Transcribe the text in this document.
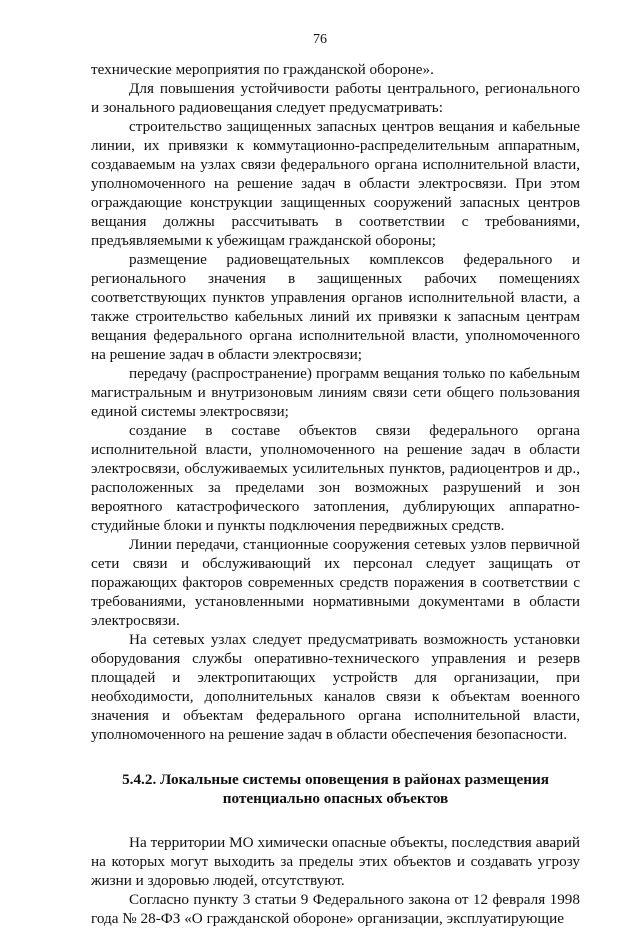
76

технические мероприятия по гражданской обороне».

Для повышения устойчивости работы центрального, регионального и зонального радиовещания следует предусматривать:

строительство защищенных запасных центров вещания и кабельные линии, их привязки к коммутационно-распределительным аппаратным, создаваемым на узлах связи федерального органа исполнительной власти, уполномоченного на решение задач в области электросвязи. При этом ограждающие конструкции защищенных сооружений запасных центров вещания должны рассчитывать в соответствии с требованиями, предъявляемыми к убежищам гражданской обороны;

размещение радиовещательных комплексов федерального и регионального значения в защищенных рабочих помещениях соответствующих пунктов управления органов исполнительной власти, а также строительство кабельных линий их привязки к запасным центрам вещания федерального органа исполнительной власти, уполномоченного на решение задач в области электросвязи;

передачу (распространение) программ вещания только по кабельным магистральным и внутризоновым линиям связи сети общего пользования единой системы электросвязи;

создание в составе объектов связи федерального органа исполнительной власти, уполномоченного на решение задач в области электросвязи, обслуживаемых усилительных пунктов, радиоцентров и др., расположенных за пределами зон возможных разрушений и зон вероятного катастрофического затопления, дублирующих аппаратно-студийные блоки и пункты подключения передвижных средств.

Линии передачи, станционные сооружения сетевых узлов первичной сети связи и обслуживающий их персонал следует защищать от поражающих факторов современных средств поражения в соответствии с требованиями, установленными нормативными документами в области электросвязи.

На сетевых узлах следует предусматривать возможность установки оборудования службы оперативно-технического управления и резерв площадей и электропитающих устройств для организации, при необходимости, дополнительных каналов связи к объектам военного значения и объектам федерального органа исполнительной власти, уполномоченного на решение задач в области обеспечения безопасности.

5.4.2. Локальные системы оповещения в районах размещения
потенциально опасных объектов

На территории МО химически опасные объекты, последствия аварий на которых могут выходить за пределы этих объектов и создавать угрозу жизни и здоровью людей, отсутствуют.

Согласно пункту 3 статьи 9 Федерального закона от 12 февраля 1998 года № 28-ФЗ «О гражданской обороне» организации, эксплуатирующие
